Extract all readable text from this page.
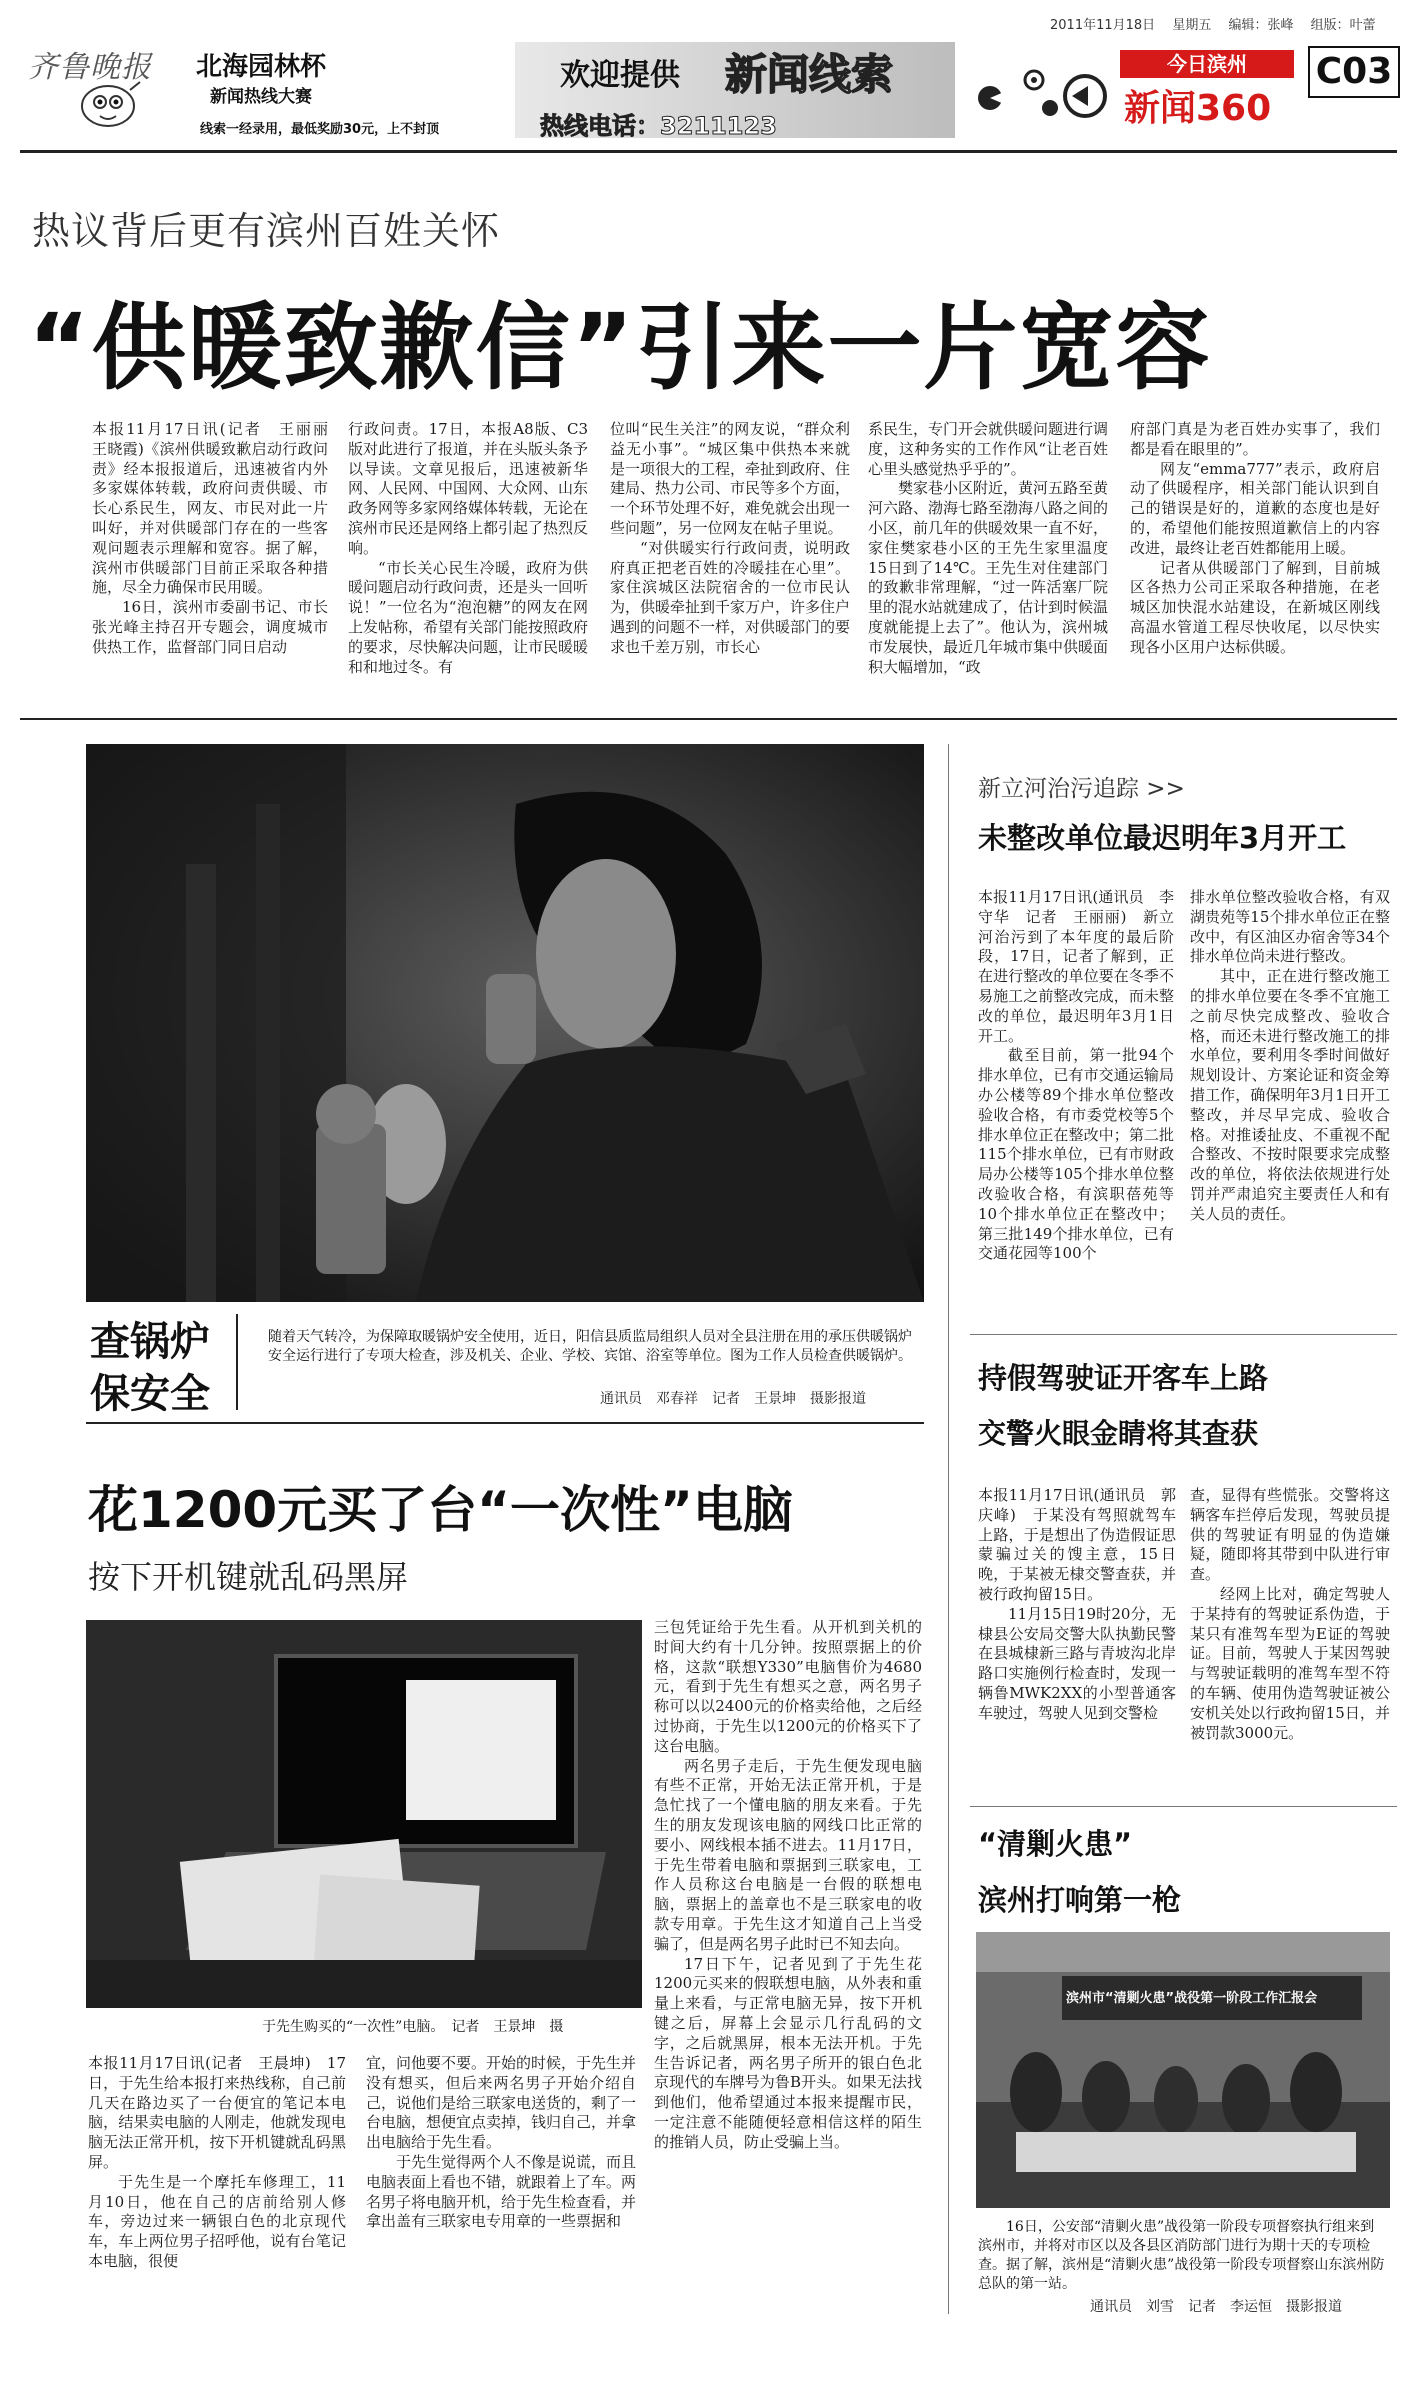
齐鲁晚报 北海园林杯
新闻热线大赛
欢迎提供 新闻线索
热线电话：3211123
线索一经录用，最低奖励30元，上不封顶
2011年11月18日　 星期五　 编辑：张峰　 组版：叶蕾
今日滨州
新闻360
C03
热议背后更有滨州百姓关怀
“供暖致歉信”引来一片宽容

本报11月17日讯(记者　王丽丽　王晓霞)《滨州供暖致歉启动行政问责》经本报报道后，迅速被省内外多家媒体转载，政府问责供暖、市长心系民生，网友、市民对此一片叫好，并对供暖部门存在的一些客观问题表示理解和宽容。据了解，滨州市供暖部门目前正采取各种措施，尽全力确保市民用暖。

16日，滨州市委副书记、市长张光峰主持召开专题会，调度城市供热工作，监督部门同日启动

行政问责。17日，本报A8版、C3版对此进行了报道，并在头版头条予以导读。文章见报后，迅速被新华网、人民网、中国网、大众网、山东政务网等多家网络媒体转载，无论在滨州市民还是网络上都引起了热烈反响。

“市长关心民生冷暖，政府为供暖问题启动行政问责，还是头一回听说！”一位名为“泡泡糖”的网友在网上发帖称，希望有关部门能按照政府的要求，尽快解决问题，让市民暖暖和和地过冬。有

位叫“民生关注”的网友说，“群众利益无小事”。“城区集中供热本来就是一项很大的工程，牵扯到政府、住建局、热力公司、市民等多个方面，一个环节处理不好，难免就会出现一些问题”，另一位网友在帖子里说。

“对供暖实行行政问责，说明政府真正把老百姓的冷暖挂在心里”。家住滨城区法院宿舍的一位市民认为，供暖牵扯到千家万户，许多住户遇到的问题不一样，对供暖部门的要求也千差万别，市长心

系民生，专门开会就供暖问题进行调度，这种务实的工作作风“让老百姓心里头感觉热乎乎的”。

樊家巷小区附近，黄河五路至黄河六路、渤海七路至渤海八路之间的小区，前几年的供暖效果一直不好，家住樊家巷小区的王先生家里温度15日到了14℃。王先生对住建部门的致歉非常理解，“过一阵活塞厂院里的混水站就建成了，估计到时候温度就能提上去了”。他认为，滨州城市发展快，最近几年城市集中供暖面积大幅增加，“政

府部门真是为老百姓办实事了，我们都是看在眼里的”。

网友“emma777”表示，政府启动了供暖程序，相关部门能认识到自己的错误是好的，道歉的态度也是好的，希望他们能按照道歉信上的内容改进，最终让老百姓都能用上暖。

记者从供暖部门了解到，目前城区各热力公司正采取各种措施，在老城区加快混水站建设，在新城区刚线高温水管道工程尽快收尾，以尽快实现各小区用户达标供暖。

查锅炉
保安全
随着天气转冷，为保障取暖锅炉安全使用，近日，阳信县质监局组织人员对全县注册在用的承压供暖锅炉安全运行进行了专项大检查，涉及机关、企业、学校、宾馆、浴室等单位。图为工作人员检查供暖锅炉。
通讯员　邓春祥　记者　王景坤　摄影报道
花1200元买了台“一次性”电脑
按下开机键就乱码黑屏
于先生购买的“一次性”电脑。　记者　王景坤　摄

三包凭证给于先生看。从开机到关机的时间大约有十几分钟。按照票据上的价格，这款“联想Y330”电脑售价为4680元，看到于先生有想买之意，两名男子称可以以2400元的价格卖给他，之后经过协商，于先生以1200元的价格买下了这台电脑。

两名男子走后，于先生便发现电脑有些不正常，开始无法正常开机，于是急忙找了一个懂电脑的朋友来看。于先生的朋友发现该电脑的网线口比正常的要小、网线根本插不进去。11月17日，于先生带着电脑和票据到三联家电，工作人员称这台电脑是一台假的联想电脑，票据上的盖章也不是三联家电的收款专用章。于先生这才知道自己上当受骗了，但是两名男子此时已不知去向。

17日下午，记者见到了于先生花1200元买来的假联想电脑，从外表和重量上来看，与正常电脑无异，按下开机键之后，屏幕上会显示几行乱码的文字，之后就黑屏，根本无法开机。于先生告诉记者，两名男子所开的银白色北京现代的车牌号为鲁B开头。如果无法找到他们，他希望通过本报来提醒市民，一定注意不能随便轻意相信这样的陌生的推销人员，防止受骗上当。

本报11月17日讯(记者　王晨坤)　17日，于先生给本报打来热线称，自己前几天在路边买了一台便宜的笔记本电脑，结果卖电脑的人刚走，他就发现电脑无法正常开机，按下开机键就乱码黑屏。

于先生是一个摩托车修理工，11月10日，他在自己的店前给别人修车，旁边过来一辆银白色的北京现代车，车上两位男子招呼他，说有台笔记本电脑，很便

宜，问他要不要。开始的时候，于先生并没有想买，但后来两名男子开始介绍自己，说他们是给三联家电送货的，剩了一台电脑，想便宜点卖掉，钱归自己，并拿出电脑给于先生看。

于先生觉得两个人不像是说谎，而且电脑表面上看也不错，就跟着上了车。两名男子将电脑开机，给于先生检查看，并拿出盖有三联家电专用章的一些票据和

新立河治污追踪 >>
未整改单位最迟明年3月开工

本报11月17日讯(通讯员　李守华　记者　王丽丽)　新立河治污到了本年度的最后阶段，17日，记者了解到，正在进行整改的单位要在冬季不易施工之前整改完成，而未整改的单位，最迟明年3月1日开工。

截至目前，第一批94个排水单位，已有市交通运输局办公楼等89个排水单位整改验收合格，有市委党校等5个排水单位正在整改中；第二批115个排水单位，已有市财政局办公楼等105个排水单位整改验收合格，有滨职蓓苑等10个排水单位正在整改中；第三批149个排水单位，已有交通花园等100个

排水单位整改验收合格，有双湖贵苑等15个排水单位正在整改中，有区油区办宿舍等34个排水单位尚未进行整改。

其中，正在进行整改施工的排水单位要在冬季不宜施工之前尽快完成整改、验收合格，而还未进行整改施工的排水单位，要利用冬季时间做好规划设计、方案论证和资金筹措工作，确保明年3月1日开工整改，并尽早完成、验收合格。对推诿扯皮、不重视不配合整改、不按时限要求完成整改的单位，将依法依规进行处罚并严肃追究主要责任人和有关人员的责任。

持假驾驶证开客车上路
交警火眼金睛将其查获

本报11月17日讯(通讯员　郭庆峰)　于某没有驾照就驾车上路，于是想出了伪造假证思蒙骗过关的馊主意，15日晚，于某被无棣交警查获，并被行政拘留15日。

11月15日19时20分，无棣县公安局交警大队执勤民警在县城棣新三路与青坡沟北岸路口实施例行检查时，发现一辆鲁MWK2XX的小型普通客车驶过，驾驶人见到交警检

查，显得有些慌张。交警将这辆客车拦停后发现，驾驶员提供的驾驶证有明显的伪造嫌疑，随即将其带到中队进行审查。

经网上比对，确定驾驶人于某持有的驾驶证系伪造，于某只有准驾车型为E证的驾驶证。目前，驾驶人于某因驾驶与驾驶证载明的准驾车型不符的车辆、使用伪造驾驶证被公安机关处以行政拘留15日，并被罚款3000元。

“清剿火患”
滨州打响第一枪
滨州市“清剿火患”战役第一阶段工作汇报会
16日，公安部“清剿火患”战役第一阶段专项督察执行组来到滨州市，并将对市区以及各县区消防部门进行为期十天的专项检查。据了解，滨州是“清剿火患”战役第一阶段专项督察山东滨州防总队的第一站。
通讯员　刘雪　记者　李运恒　摄影报道
